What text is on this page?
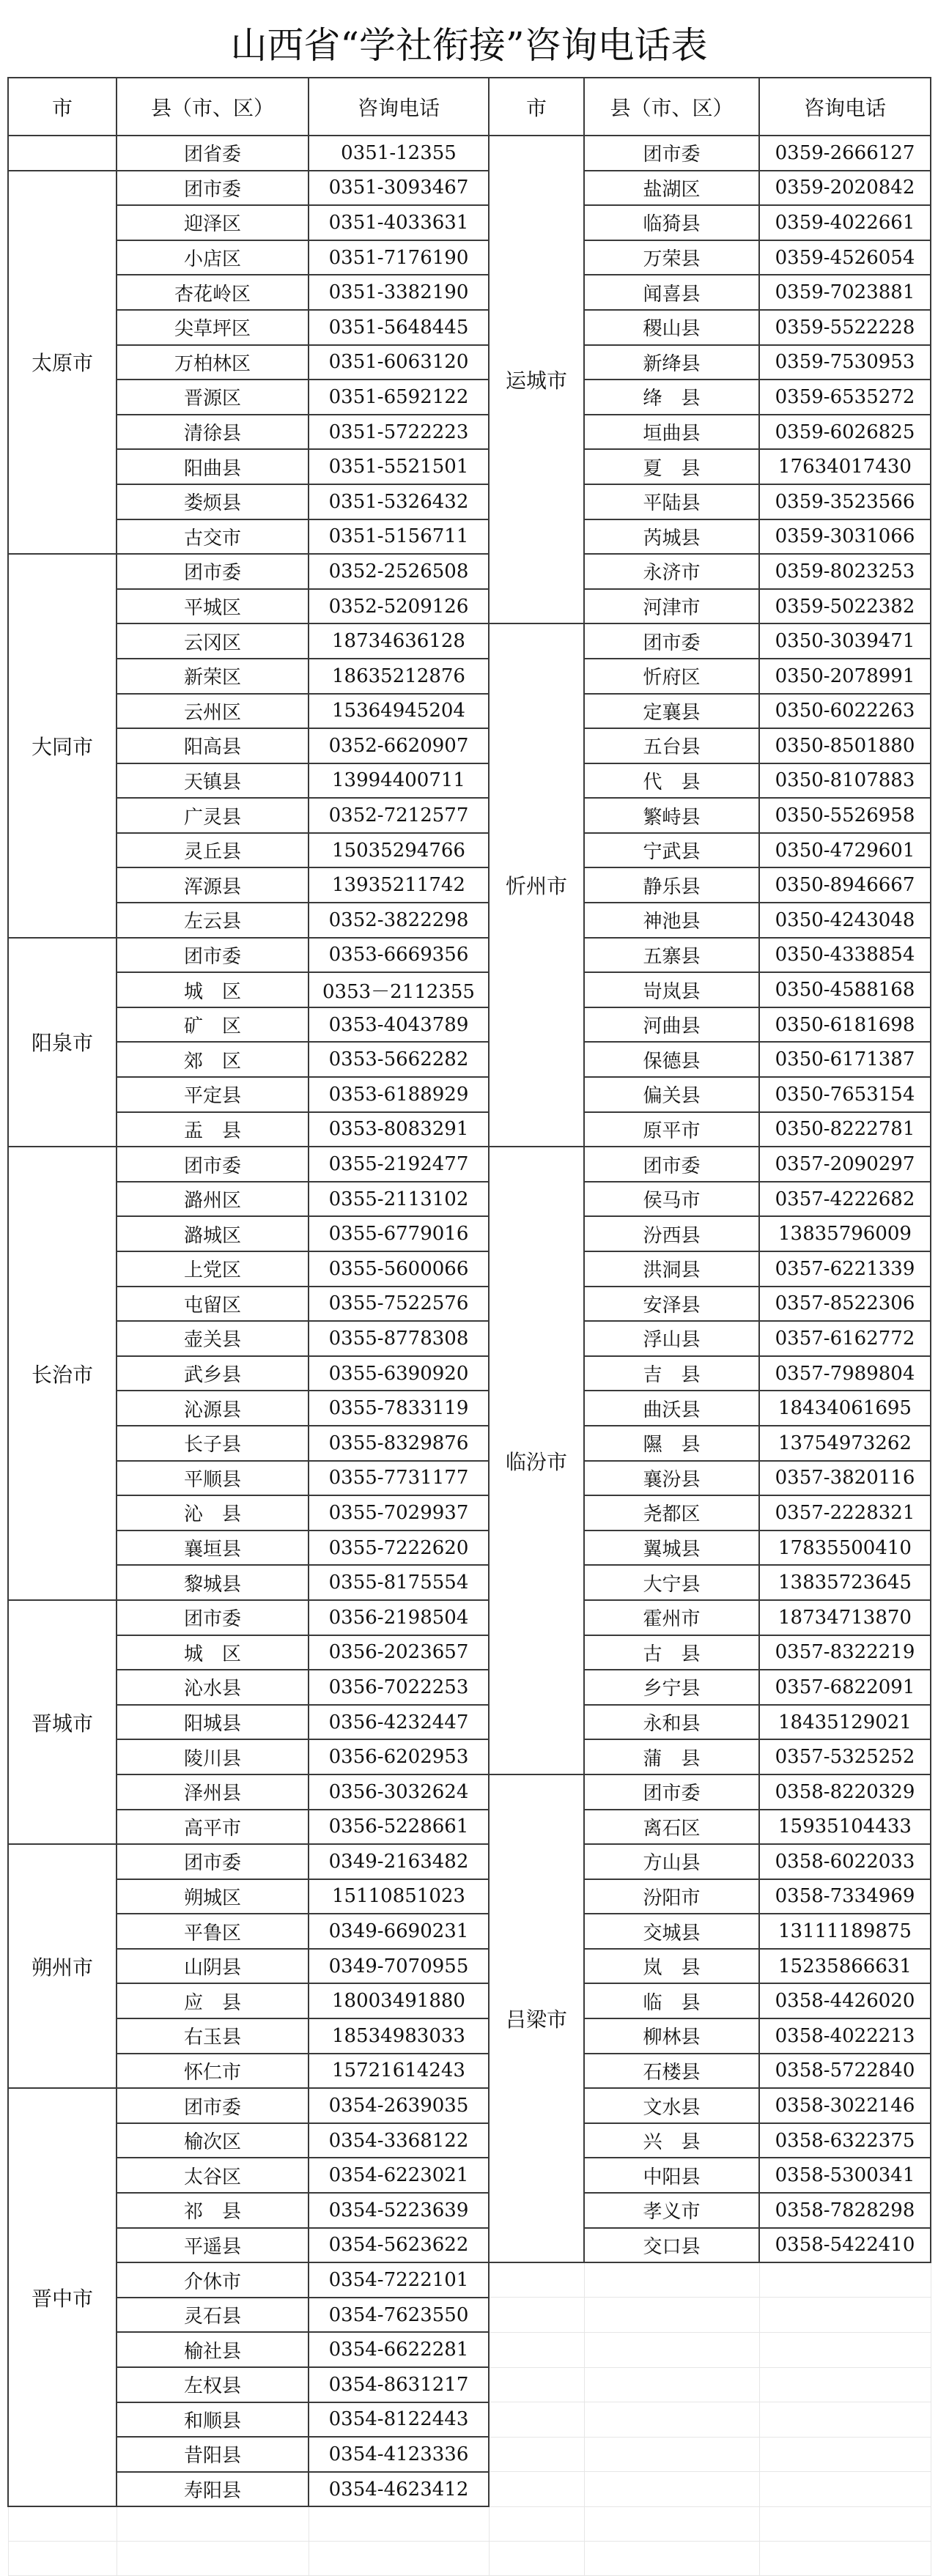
山西省“学社衔接”咨询电话表
市	县（市、区）	咨询电话	市	县（市、区）	咨询电话
	团省委	0351-12355	运城市	团市委	0359-2666127
太原市	团市委	0351-3093467		盐湖区	0359-2020842
	迎泽区	0351-4033631		临猗县	0359-4022661
	小店区	0351-7176190		万荣县	0359-4526054
	杏花岭区	0351-3382190		闻喜县	0359-7023881
	尖草坪区	0351-5648445		稷山县	0359-5522228
	万柏林区	0351-6063120		新绛县	0359-7530953
	晋源区	0351-6592122		绛　县	0359-6535272
	清徐县	0351-5722223		垣曲县	0359-6026825
	阳曲县	0351-5521501		夏　县	17634017430
	娄烦县	0351-5326432		平陆县	0359-3523566
	古交市	0351-5156711		芮城县	0359-3031066
大同市	团市委	0352-2526508		永济市	0359-8023253
	平城区	0352-5209126		河津市	0359-5022382
	云冈区	18734636128	忻州市	团市委	0350-3039471
	新荣区	18635212876		忻府区	0350-2078991
	云州区	15364945204		定襄县	0350-6022263
	阳高县	0352-6620907		五台县	0350-8501880
	天镇县	13994400711		代　县	0350-8107883
	广灵县	0352-7212577		繁峙县	0350-5526958
	灵丘县	15035294766		宁武县	0350-4729601
	浑源县	13935211742		静乐县	0350-8946667
	左云县	0352-3822298		神池县	0350-4243048
阳泉市	团市委	0353-6669356		五寨县	0350-4338854
	城　区	0353－2112355		岢岚县	0350-4588168
	矿　区	0353-4043789		河曲县	0350-6181698
	郊　区	0353-5662282		保德县	0350-6171387
	平定县	0353-6188929		偏关县	0350-7653154
	盂　县	0353-8083291		原平市	0350-8222781
长治市	团市委	0355-2192477	临汾市	团市委	0357-2090297
	潞州区	0355-2113102		侯马市	0357-4222682
	潞城区	0355-6779016		汾西县	13835796009
	上党区	0355-5600066		洪洞县	0357-6221339
	屯留区	0355-7522576		安泽县	0357-8522306
	壶关县	0355-8778308		浮山县	0357-6162772
	武乡县	0355-6390920		吉　县	0357-7989804
	沁源县	0355-7833119		曲沃县	18434061695
	长子县	0355-8329876		隰　县	13754973262
	平顺县	0355-7731177		襄汾县	0357-3820116
	沁　县	0355-7029937		尧都区	0357-2228321
	襄垣县	0355-7222620		翼城县	17835500410
	黎城县	0355-8175554		大宁县	13835723645
晋城市	团市委	0356-2198504		霍州市	18734713870
	城　区	0356-2023657		古　县	0357-8322219
	沁水县	0356-7022253		乡宁县	0357-6822091
	阳城县	0356-4232447		永和县	18435129021
	陵川县	0356-6202953		蒲　县	0357-5325252
	泽州县	0356-3032624	吕梁市	团市委	0358-8220329
	高平市	0356-5228661		离石区	15935104433
朔州市	团市委	0349-2163482		方山县	0358-6022033
	朔城区	15110851023		汾阳市	0358-7334969
	平鲁区	0349-6690231		交城县	13111189875
	山阴县	0349-7070955		岚　县	15235866631
	应　县	18003491880		临　县	0358-4426020
	右玉县	18534983033		柳林县	0358-4022213
	怀仁市	15721614243		石楼县	0358-5722840
晋中市	团市委	0354-2639035		文水县	0358-3022146
	榆次区	0354-3368122		兴　县	0358-6322375
	太谷区	0354-6223021		中阳县	0358-5300341
	祁　县	0354-5223639		孝义市	0358-7828298
	平遥县	0354-5623622		交口县	0358-5422410
	介休市	0354-7222101			
	灵石县	0354-7623550			
	榆社县	0354-6622281			
	左权县	0354-8631217			
	和顺县	0354-8122443			
	昔阳县	0354-4123336			
	寿阳县	0354-4623412			
